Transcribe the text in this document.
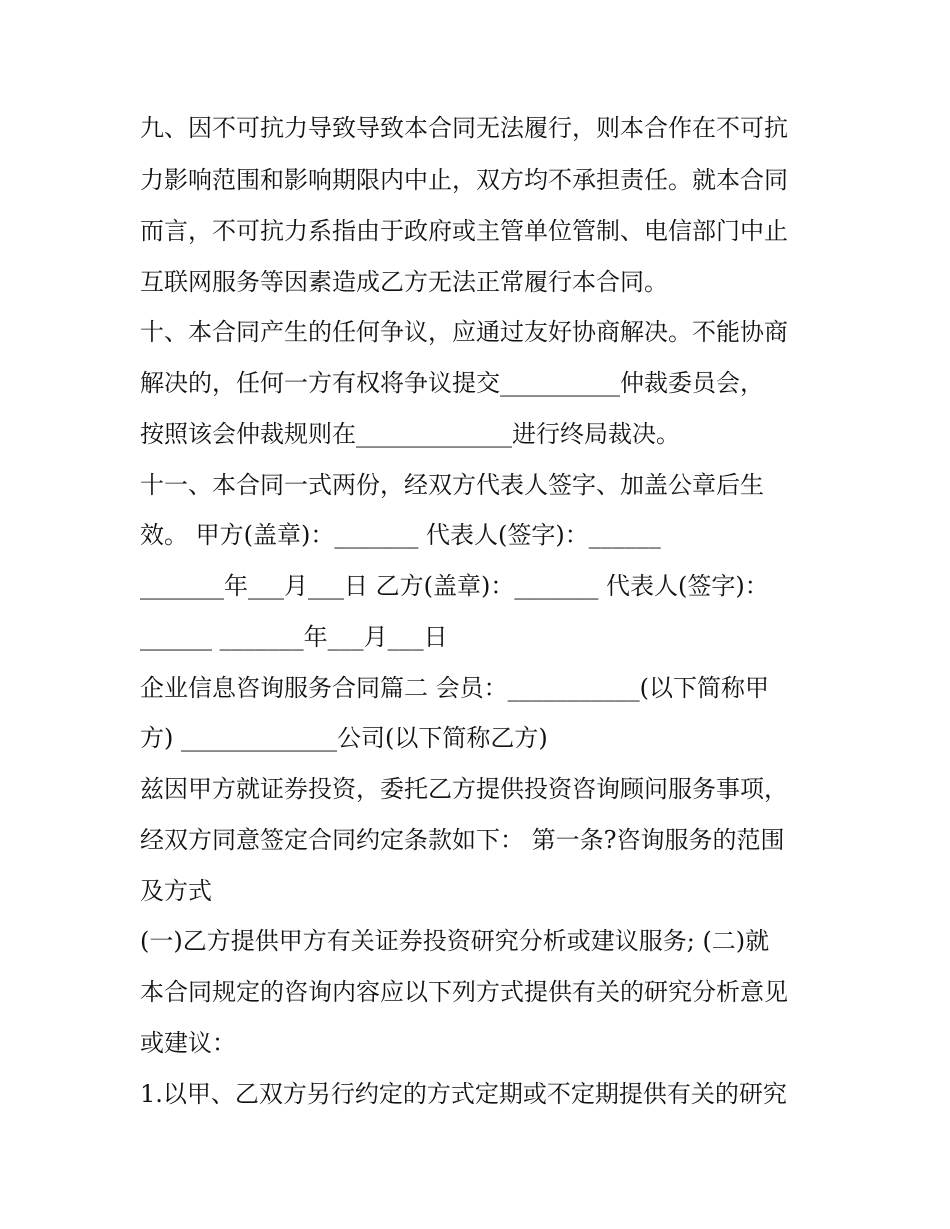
九、因不可抗力导致导致本合同无法履行，则本合作在不可抗
力影响范围和影响期限内中止，双方均不承担责任。就本合同
而言，不可抗力系指由于政府或主管单位管制、电信部门中止
互联网服务等因素造成乙方无法正常履行本合同。
十、本合同产生的任何争议，应通过友好协商解决。不能协商
解决的，任何一方有权将争议提交__________仲裁委员会，
按照该会仲裁规则在_____________进行终局裁决。
十一、本合同一式两份，经双方代表人签字、加盖公章后生
效。 甲方(盖章)：_______ 代表人(签字)：______
_______年___月___日 乙方(盖章)：_______ 代表人(签字)：
______ _______年___月___日
企业信息咨询服务合同篇二 会员：___________(以下简称甲
方) _____________公司(以下简称乙方)
兹因甲方就证券投资，委托乙方提供投资咨询顾问服务事项，
经双方同意签定合同约定条款如下： 第一条?咨询服务的范围
及方式
(一)乙方提供甲方有关证券投资研究分析或建议服务; (二)就
本合同规定的咨询内容应以下列方式提供有关的研究分析意见
或建议：
1.以甲、乙双方另行约定的方式定期或不定期提供有关的研究
